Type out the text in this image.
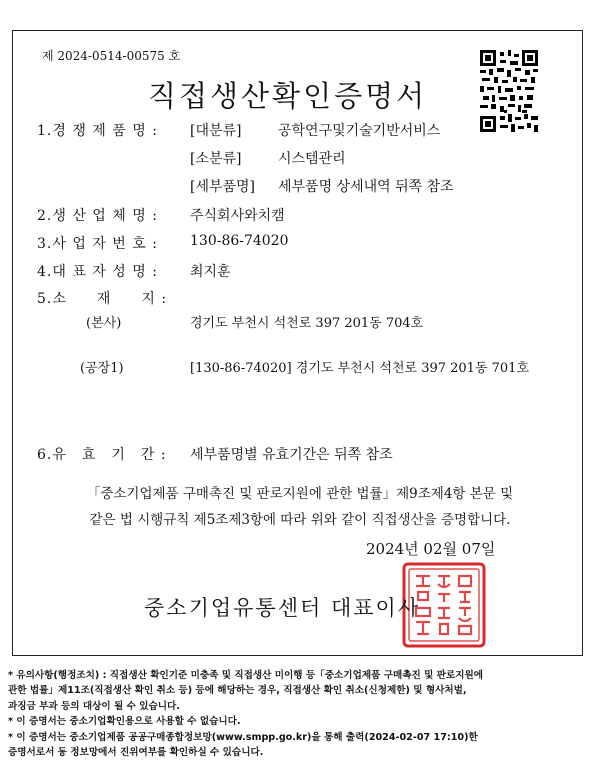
제 2024-0514-00575 호
직접생산확인증명서
1.경 쟁 제 품 명 : [대분류]	공학연구및기술기반서비스
[소분류]	시스템관리
[세부품명] 세부품명 상세내역 뒤쪽 참조
2.생 산 업 체 명 : 주식회사와치캠
3.사 업 자 번 호 : 130-86-74020
4.대 표 자 성 명 : 최지훈
5.소　　재　　지 :
(본사)	경기도 부천시 석천로 397 201동 704호
(공장1)	[130-86-74020] 경기도 부천시 석천로 397 201동 701호
6.유　효　기　간 : 세부품명별 유효기간은 뒤쪽 참조
「중소기업제품 구매촉진 및 판로지원에 관한 법률」제9조제4항 본문 및
같은 법 시행규칙 제5조제3항에 따라 위와 같이 직접생산을 증명합니다.
2024년 02월 07일
중소기업유통센터 대표이사

* 유의사항(행정조치) : 직접생산 확인기준 미충족 및 직접생산 미이행 등「중소기업제품 구매촉진 및 판로지원에

관한 법률」제11조(직접생산 확인 취소 등) 등에 해당하는 경우, 직접생산 확인 취소(신청제한) 및 형사처벌,

과징금 부과 등의 대상이 될 수 있습니다.

* 이 증명서는 중소기업확인용으로 사용할 수 없습니다.

* 이 증명서는 중소기업제품 공공구매종합정보망(www.smpp.go.kr)을 통해 출력(2024-02-07 17:10)한

증명서로서 동 정보망에서 진위여부를 확인하실 수 있습니다.
